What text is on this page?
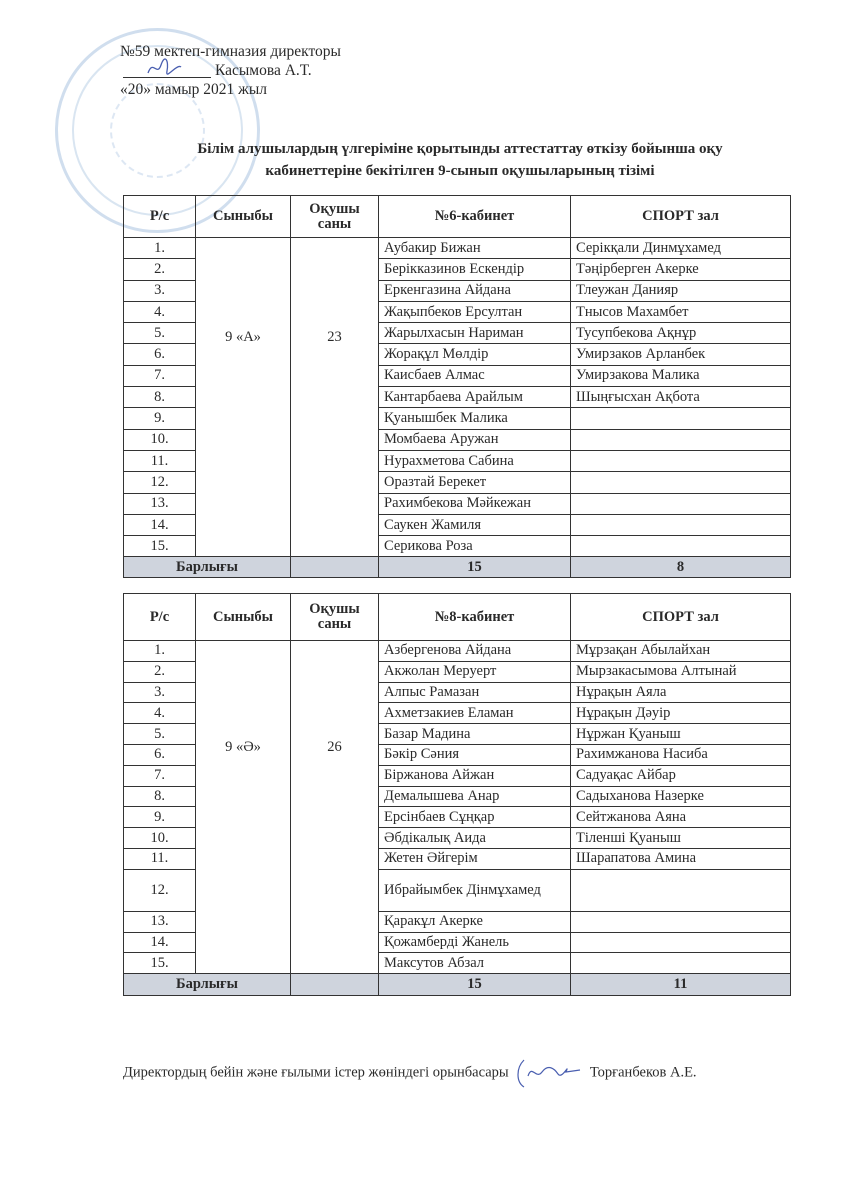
№59 мектеп-гимназия директоры
Касымова А.Т.
«20» мамыр 2021 жыл
Білім алушылардың үлгеріміне қорытынды аттестаттау өткізу бойынша оқу
кабинеттеріне бекітілген 9-сынып оқушыларының тізімі
Р/с	Сыныбы	Оқушы саны	№6-кабинет	СПОРТ зал
1.	9 «А»	23	Аубакир Бижан	Серікқали Динмұхамед
2.			Берікказинов Ескендір	Тәңірберген Акерке
3.			Еркенгазина Айдана	Тлеужан Данияр
4.			Жақыпбеков Ерсултан	Тнысов Махамбет
5.			Жарылхасын Нариман	Тусупбекова Ақнұр
6.			Жорақұл Мөлдір	Умирзаков Арланбек
7.			Каисбаев Алмас	Умирзакова Малика
8.			Кантарбаева Арайлым	Шыңғысхан Ақбота
9.			Қуанышбек Малика	
10.			Момбаева Аружан	
11.			Нурахметова Сабина	
12.			Оразтай Берекет	
13.			Рахимбекова Мәйкежан	
14.			Саукен Жамиля	
15.			Серикова Роза	
Барлығы			15	8
Р/с	Сыныбы	Оқушы саны	№8-кабинет	СПОРТ зал
1.	9 «Ә»	26	Азбергенова Айдана	Мұрзақан Абылайхан
2.			Акжолан Меруерт	Мырзакасымова Алтынай
3.			Алпыс Рамазан	Нұрақын Аяла
4.			Ахметзакиев Еламан	Нұрақын Дәуір
5.			Базар Мадина	Нұржан Қуаныш
6.			Бәкір Сәния	Рахимжанова Насиба
7.			Біржанова Айжан	Садуақас Айбар
8.			Демалышева Анар	Садыханова Назерке
9.			Ерсінбаев Сұңқар	Сейтжанова Аяна
10.			Әбдікалық Аида	Тіленші Қуаныш
11.			Жетен Әйгерім	Шарапатова Амина
12.			Ибрайымбек Дінмұхамед	
13.			Қаракұл Акерке	
14.			Қожамберді Жанель	
15.			Максутов Абзал	
Барлығы			15	11
Директордың бейін және ғылыми істер жөніндегі орынбасары	Торғанбеков А.Е.
